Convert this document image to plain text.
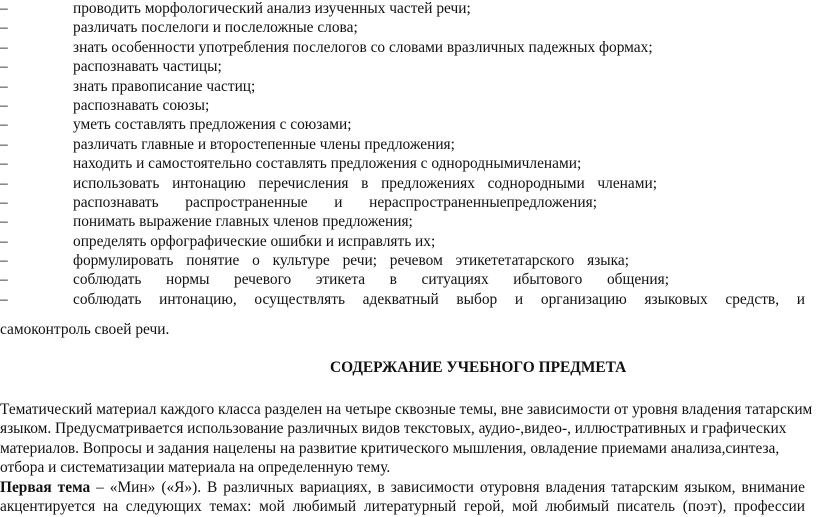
–	проводить морфологический анализ изученных частей речи;
–	различать послелоги и послеложные слова;
–	знать особенности употребления послелогов со словами вразличных падежных формах;
–	распознавать частицы;
–	знать правописание частиц;
–	распознавать союзы;
–	уметь составлять предложения с союзами;
–	различать главные и второстепенные члены предложения;
–	находить и самостоятельно составлять предложения с однороднымичленами;
–	использовать интонацию перечисления в предложениях соднородными членами;
–	распознавать распространенные и нераспространенныепредложения;
–	понимать выражение главных членов предложения;
–	определять орфографические ошибки и исправлять их;
–	формулировать понятие о культуре речи; речевом этикететатарского языка;
–	соблюдать нормы речевого этикета в ситуациях ибытового общения;
–	соблюдать интонацию, осуществлять адекватный выбор и организацию языковых средств, и
самоконтроль своей речи.
СОДЕРЖАНИЕ УЧЕБНОГО ПРЕДМЕТА
Тематический материал каждого класса разделен на четыре сквозные темы, вне зависимости от уровня владения татарским
языком. Предусматривается использование различных видов текстовых, аудио-,видео-, иллюстративных и графических
материалов. Вопросы и задания нацелены на развитие критического мышления, овладение приемами анализа,синтеза,
отбора и систематизации материала на определенную тему.
Первая тема – «Мин» («Я»). В различных вариациях, в зависимости отуровня владения татарским языком, внимание
акцентируется на следующих темах: мой любимый литературный герой, мой любимый писатель (поэт), профессии
